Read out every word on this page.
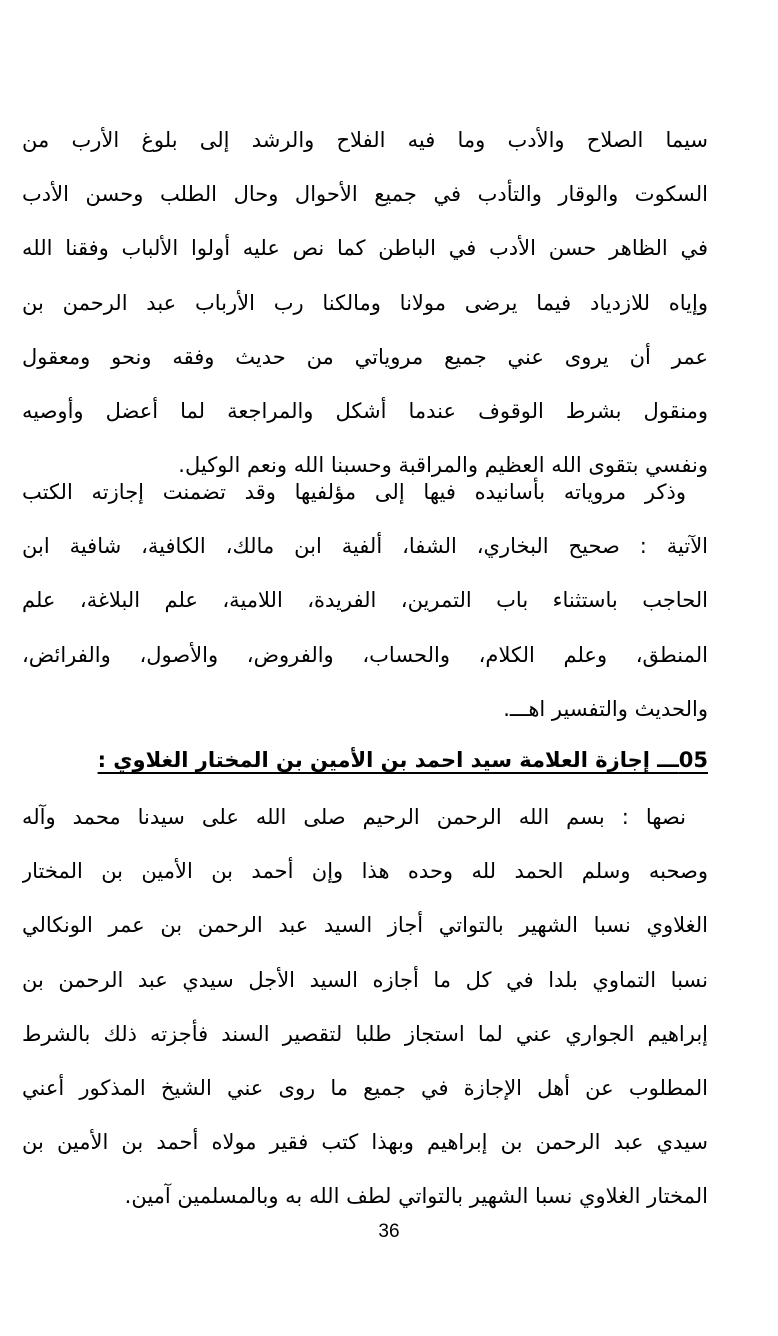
سيما الصلاح والأدب وما فيه الفلاح والرشد إلى بلوغ الأرب من
السكوت والوقار والتأدب في جميع الأحوال وحال الطلب وحسن الأدب
في الظاهر حسن الأدب في الباطن كما نص عليه أولوا الألباب وفقنا الله
وإياه للازدياد فيما يرضى مولانا ومالكنا رب الأرباب عبد الرحمن بن
عمر أن يروى عني جميع مروياتي من حديث وفقه ونحو ومعقول
ومنقول بشرط الوقوف عندما أشكل والمراجعة لما أعضل وأوصيه
ونفسي بتقوى الله العظيم والمراقبة وحسبنا الله ونعم الوكيل.
وذكر مروياته بأسانيده فيها إلى مؤلفيها وقد تضمنت إجازته الكتب
الآتية : صحيح البخاري، الشفا، ألفية ابن مالك، الكافية، شافية ابن
الحاجب باستثناء باب التمرين، الفريدة، اللامية، علم البلاغة، علم
المنطق، وعلم الكلام، والحساب، والفروض، والأصول، والفرائض،
والحديث والتفسير اهـــ.
05ـــ إجازة العلامة سيد احمد بن الأمين بن المختار الغلاوي :
نصها : بسم الله الرحمن الرحيم صلى الله على سيدنا محمد وآله
وصحبه وسلم الحمد لله وحده هذا وإن أحمد بن الأمين بن المختار
الغلاوي نسبا الشهير بالتواتي أجاز السيد عبد الرحمن بن عمر الونكالي
نسبا التماوي بلدا في كل ما أجازه السيد الأجل سيدي عبد الرحمن بن
إبراهيم الجواري عني لما استجاز طلبا لتقصير السند فأجزته ذلك بالشرط
المطلوب عن أهل الإجازة في جميع ما روى عني الشيخ المذكور أعني
سيدي عبد الرحمن بن إبراهيم وبهذا كتب فقير مولاه أحمد بن الأمين بن
المختار الغلاوي نسبا الشهير بالتواتي لطف الله به وبالمسلمين آمين.
36
